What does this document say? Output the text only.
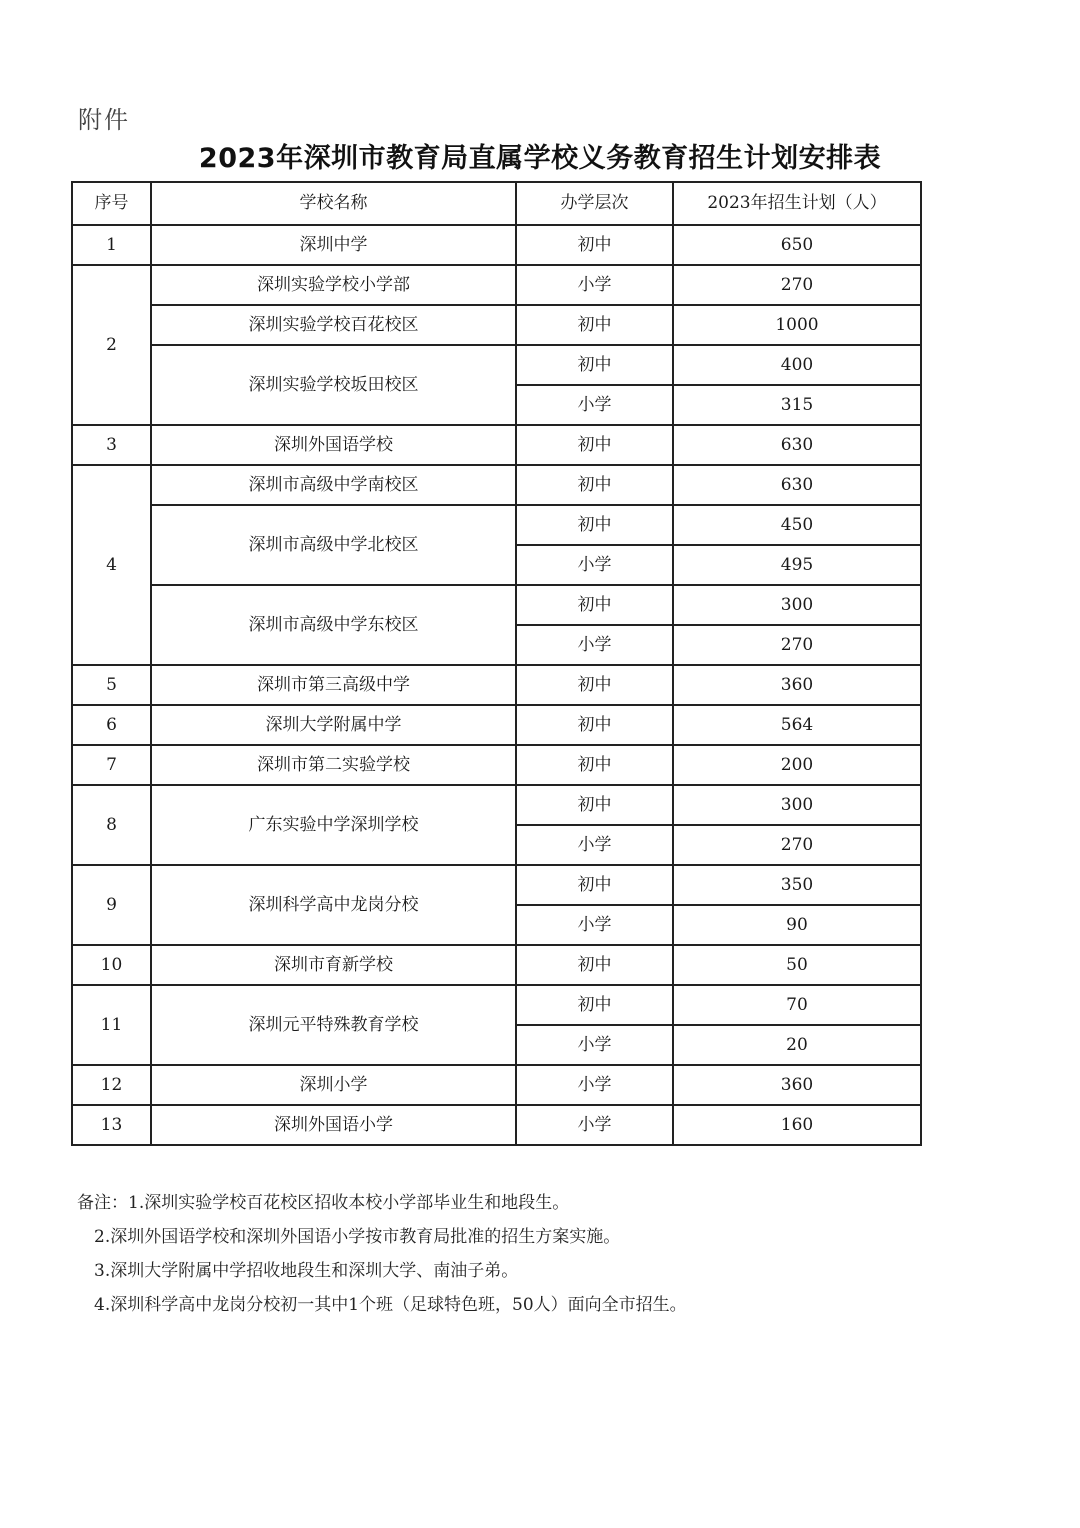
附件
2023年深圳市教育局直属学校义务教育招生计划安排表
序号	学校名称	办学层次	2023年招生计划（人）
1	深圳中学	初中	650
2	深圳实验学校小学部	小学	270
	深圳实验学校百花校区	初中	1000
	深圳实验学校坂田校区	初中	400
		小学	315
3	深圳外国语学校	初中	630
4	深圳市高级中学南校区	初中	630
	深圳市高级中学北校区	初中	450
		小学	495
	深圳市高级中学东校区	初中	300
		小学	270
5	深圳市第三高级中学	初中	360
6	深圳大学附属中学	初中	564
7	深圳市第二实验学校	初中	200
8	广东实验中学深圳学校	初中	300
		小学	270
9	深圳科学高中龙岗分校	初中	350
		小学	90
10	深圳市育新学校	初中	50
11	深圳元平特殊教育学校	初中	70
		小学	20
12	深圳小学	小学	360
13	深圳外国语小学	小学	160
备注：1.深圳实验学校百花校区招收本校小学部毕业生和地段生。
2.深圳外国语学校和深圳外国语小学按市教育局批准的招生方案实施。
3.深圳大学附属中学招收地段生和深圳大学、南油子弟。
4.深圳科学高中龙岗分校初一其中1个班（足球特色班，50人）面向全市招生。
